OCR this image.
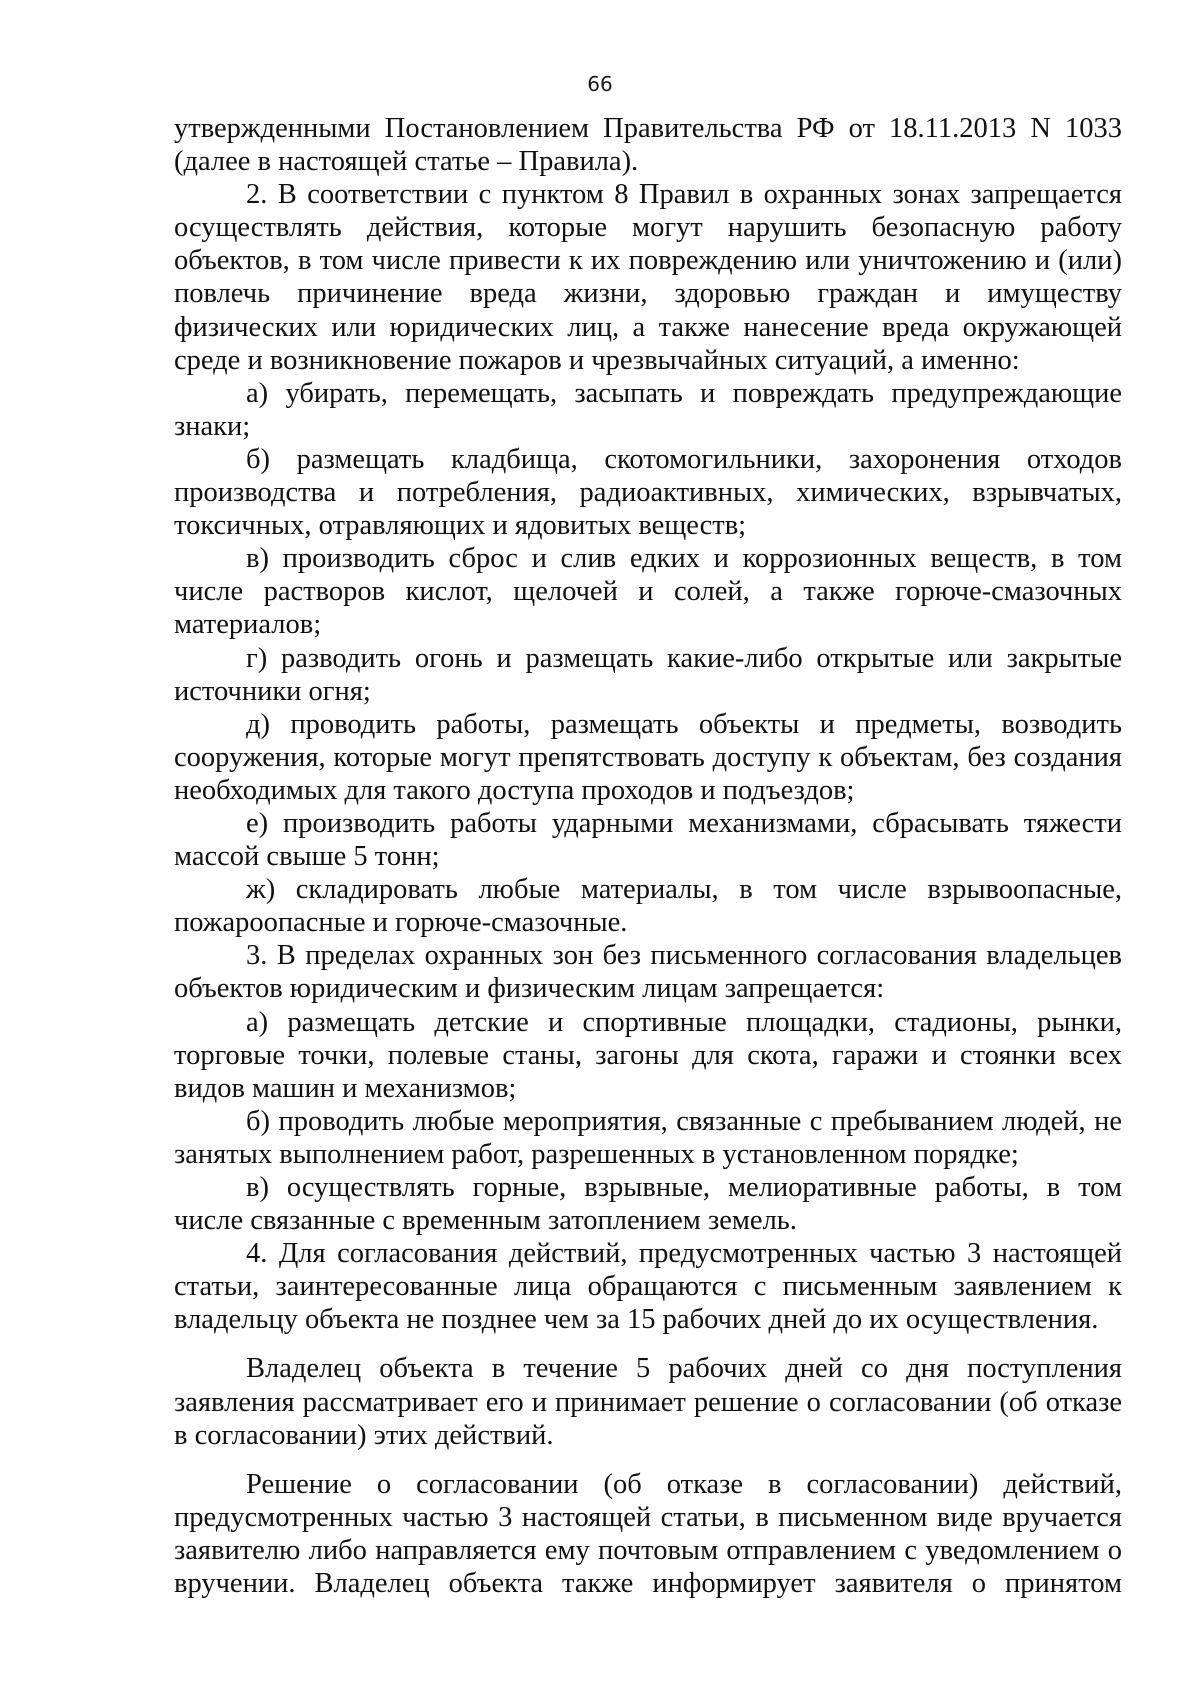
66

утвержденными Постановлением Правительства РФ от 18.11.2013 N 1033 (далее в настоящей статье – Правила).

2. В соответствии с пунктом 8 Правил в охранных зонах запрещается осуществлять действия, которые могут нарушить безопасную работу объектов, в том числе привести к их повреждению или уничтожению и (или) повлечь причинение вреда жизни, здоровью граждан и имуществу физических или юридических лиц, а также нанесение вреда окружающей среде и возникновение пожаров и чрезвычайных ситуаций, а именно:

а) убирать, перемещать, засыпать и повреждать предупреждающие знаки;

б) размещать кладбища, скотомогильники, захоронения отходов производства и потребления, радиоактивных, химических, взрывчатых, токсичных, отравляющих и ядовитых веществ;

в) производить сброс и слив едких и коррозионных веществ, в том числе растворов кислот, щелочей и солей, а также горюче-смазочных материалов;

г) разводить огонь и размещать какие-либо открытые или закрытые источники огня;

д) проводить работы, размещать объекты и предметы, возводить сооружения, которые могут препятствовать доступу к объектам, без создания необходимых для такого доступа проходов и подъездов;

е) производить работы ударными механизмами, сбрасывать тяжести массой свыше 5 тонн;

ж) складировать любые материалы, в том числе взрывоопасные, пожароопасные и горюче-смазочные.

3. В пределах охранных зон без письменного согласования владельцев объектов юридическим и физическим лицам запрещается:

а) размещать детские и спортивные площадки, стадионы, рынки, торговые точки, полевые станы, загоны для скота, гаражи и стоянки всех видов машин и механизмов;

б) проводить любые мероприятия, связанные с пребыванием людей, не занятых выполнением работ, разрешенных в установленном порядке;

в) осуществлять горные, взрывные, мелиоративные работы, в том числе связанные с временным затоплением земель.

4. Для согласования действий, предусмотренных частью 3 настоящей статьи, заинтересованные лица обращаются с письменным заявлением к владельцу объекта не позднее чем за 15 рабочих дней до их осуществления.

Владелец объекта в течение 5 рабочих дней со дня поступления заявления рассматривает его и принимает решение о согласовании (об отказе в согласовании) этих действий.

Решение о согласовании (об отказе в согласовании) действий, предусмотренных частью 3 настоящей статьи, в письменном виде вручается заявителю либо направляется ему почтовым отправлением с уведомлением о вручении. Владелец объекта также информирует заявителя о принятом
